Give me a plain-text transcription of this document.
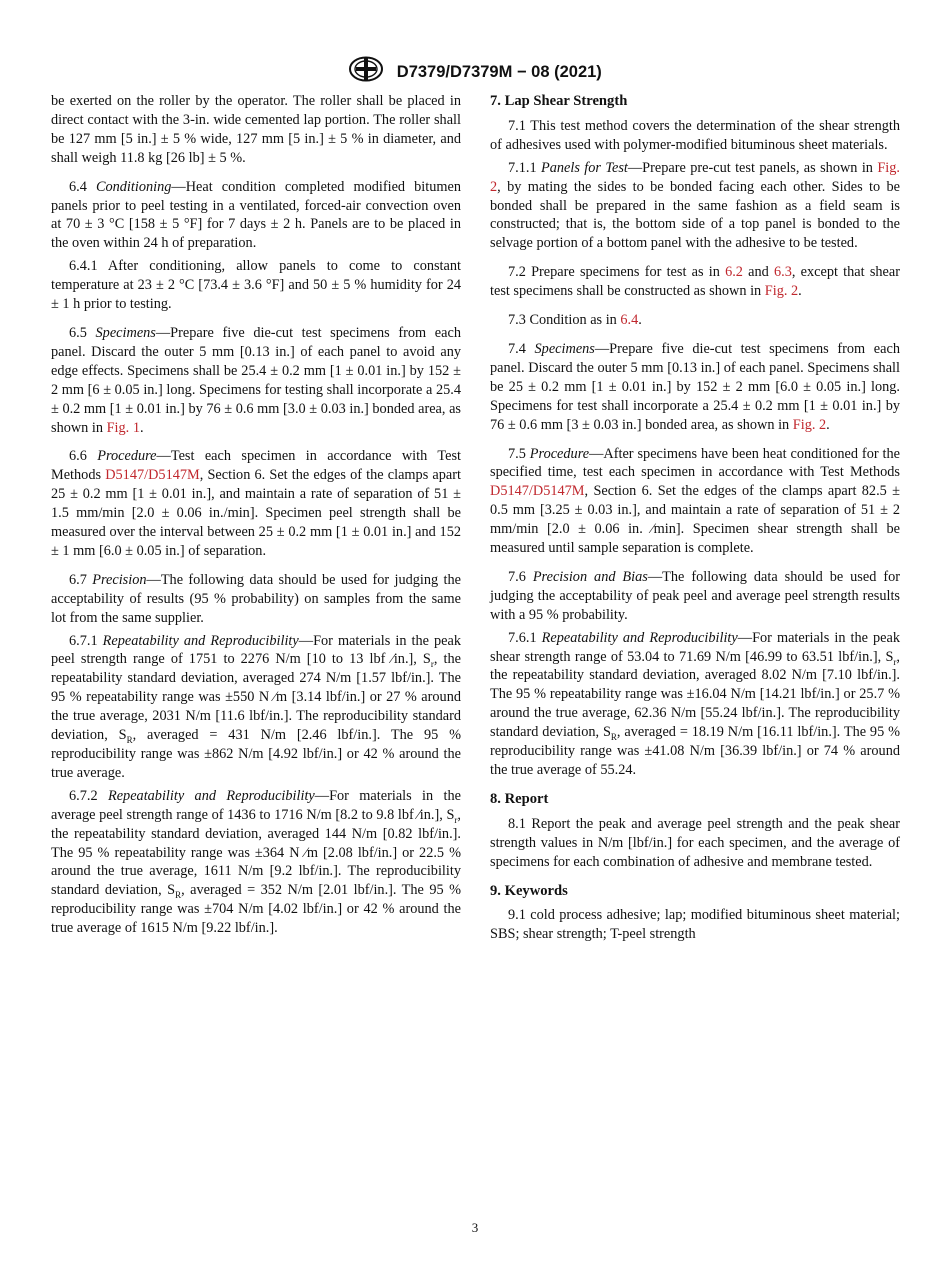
D7379/D7379M − 08 (2021)

be exerted on the roller by the operator. The roller shall be placed in direct contact with the 3-in. wide cemented lap portion. The roller shall be 127 mm [5 in.] ± 5 % wide, 127 mm [5 in.] ± 5 % in diameter, and shall weigh 11.8 kg [26 lb] ± 5 %.

6.4 Conditioning—Heat condition completed modified bitumen panels prior to peel testing in a ventilated, forced-air convection oven at 70 ± 3 °C [158 ± 5 °F] for 7 days ± 2 h. Panels are to be placed in the oven within 24 h of preparation.

6.4.1 After conditioning, allow panels to come to constant temperature at 23 ± 2 °C [73.4 ± 3.6 °F] and 50 ± 5 % humidity for 24 ± 1 h prior to testing.

6.5 Specimens—Prepare five die-cut test specimens from each panel. Discard the outer 5 mm [0.13 in.] of each panel to avoid any edge effects. Specimens shall be 25.4 ± 0.2 mm [1 ± 0.01 in.] by 152 ± 2 mm [6 ± 0.05 in.] long. Specimens for testing shall incorporate a 25.4 ± 0.2 mm [1 ± 0.01 in.] by 76 ± 0.6 mm [3.0 ± 0.03 in.] bonded area, as shown in Fig. 1.

6.6 Procedure—Test each specimen in accordance with Test Methods D5147/D5147M, Section 6. Set the edges of the clamps apart 25 ± 0.2 mm [1 ± 0.01 in.], and maintain a rate of separation of 51 ± 1.5 mm/min [2.0 ± 0.06 in./min]. Specimen peel strength shall be measured over the interval between 25 ± 0.2 mm [1 ± 0.01 in.] and 152 ± 1 mm [6.0 ± 0.05 in.] of separation.

6.7 Precision—The following data should be used for judging the acceptability of results (95 % probability) on samples from the same lot from the same supplier.

6.7.1 Repeatability and Reproducibility—For materials in the peak peel strength range of 1751 to 2276 N/m [10 to 13 lbf ⁄in.], $S_r$, the repeatability standard deviation, averaged 274 N/m [1.57 lbf/in.]. The 95 % repeatability range was ±550 N ⁄m [3.14 lbf/in.] or 27 % around the true average, 2031 N/m [11.6 lbf/in.]. The reproducibility standard deviation, $S_R$, averaged = 431 N/m [2.46 lbf/in.]. The 95 % reproducibility range was ±862 N/m [4.92 lbf/in.] or 42 % around the true average.

6.7.2 Repeatability and Reproducibility—For materials in the average peel strength range of 1436 to 1716 N/m [8.2 to 9.8 lbf ⁄in.], $S_r$, the repeatability standard deviation, averaged 144 N/m [0.82 lbf/in.]. The 95 % repeatability range was ±364 N ⁄m [2.08 lbf/in.] or 22.5 % around the true average, 1611 N/m [9.2 lbf/in.]. The reproducibility standard deviation, $S_R$, averaged = 352 N/m [2.01 lbf/in.]. The 95 % reproducibility range was ±704 N/m [4.02 lbf/in.] or 42 % around the true average of 1615 N/m [9.22 lbf/in.].

7. Lap Shear Strength

7.1 This test method covers the determination of the shear strength of adhesives used with polymer-modified bituminous sheet materials.

7.1.1 Panels for Test—Prepare pre-cut test panels, as shown in Fig. 2, by mating the sides to be bonded facing each other. Sides to be bonded shall be prepared in the same fashion as a field seam is constructed; that is, the bottom side of a top panel is bonded to the selvage portion of a bottom panel with the adhesive to be tested.

7.2 Prepare specimens for test as in 6.2 and 6.3, except that shear test specimens shall be constructed as shown in Fig. 2.

7.3 Condition as in 6.4.

7.4 Specimens—Prepare five die-cut test specimens from each panel. Discard the outer 5 mm [0.13 in.] of each panel. Specimens shall be 25 ± 0.2 mm [1 ± 0.01 in.] by 152 ± 2 mm [6.0 ± 0.05 in.] long. Specimens for test shall incorporate a 25.4 ± 0.2 mm [1 ± 0.01 in.] by 76 ± 0.6 mm [3 ± 0.03 in.] bonded area, as shown in Fig. 2.

7.5 Procedure—After specimens have been heat conditioned for the specified time, test each specimen in accordance with Test Methods D5147/D5147M, Section 6. Set the edges of the clamps apart 82.5 ± 0.5 mm [3.25 ± 0.03 in.], and maintain a rate of separation of 51 ± 2 mm/min [2.0 ± 0.06 in. ⁄min]. Specimen shear strength shall be measured until sample separation is complete.

7.6 Precision and Bias—The following data should be used for judging the acceptability of peak peel and average peel strength results with a 95 % probability.

7.6.1 Repeatability and Reproducibility—For materials in the peak shear strength range of 53.04 to 71.69 N/m [46.99 to 63.51 lbf/in.], $S_r$, the repeatability standard deviation, averaged 8.02 N/m [7.10 lbf/in.]. The 95 % repeatability range was ±16.04 N/m [14.21 lbf/in.] or 25.7 % around the true average, 62.36 N/m [55.24 lbf/in.]. The reproducibility standard deviation, $S_R$, averaged = 18.19 N/m [16.11 lbf/in.]. The 95 % reproducibility range was ±41.08 N/m [36.39 lbf/in.] or 74 % around the true average of 55.24.

8. Report

8.1 Report the peak and average peel strength and the peak shear strength values in N/m [lbf/in.] for each specimen, and the average of specimens for each combination of adhesive and membrane tested.

9. Keywords

9.1 cold process adhesive; lap; modified bituminous sheet material; SBS; shear strength; T-peel strength

3
